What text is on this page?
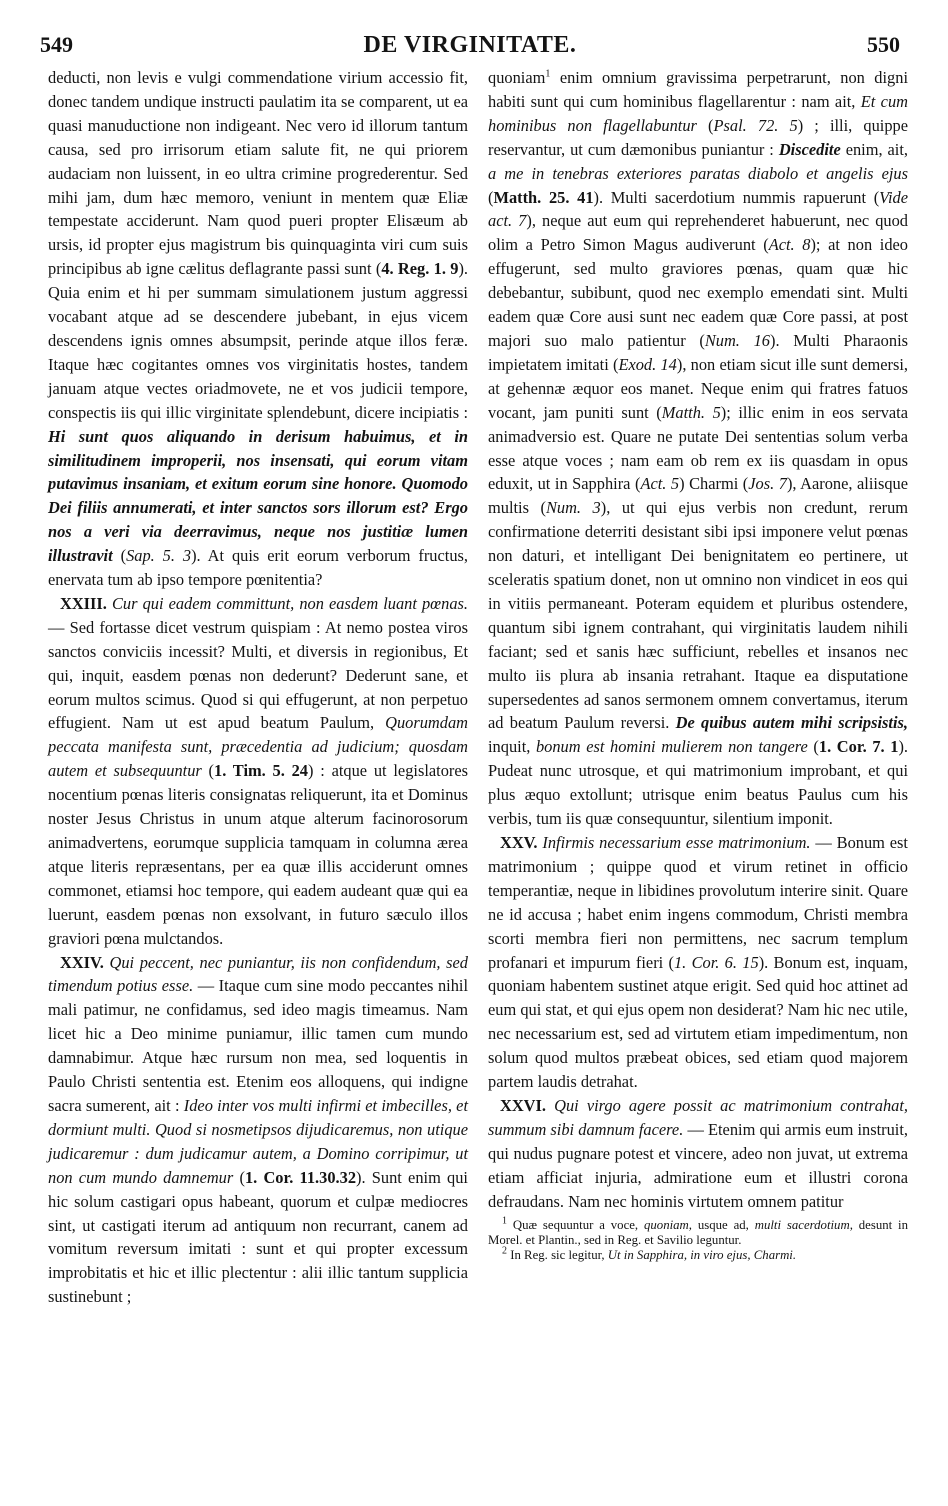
549	DE VIRGINITATE.	550

deducti, non levis e vulgi commendatione virium accessio fit, donec tandem undique instructi paulatim ita se comparent, ut ea quasi manuductione non indigeant. Nec vero id illorum tantum causa, sed pro irrisorum etiam salute fit, ne qui priorem audaciam non luissent, in eo ultra crimine progrederentur. Sed mihi jam, dum hæc memoro, veniunt in mentem quæ Eliæ tempestate acciderunt. Nam quod pueri propter Elisæum ab ursis, id propter ejus magistrum bis quinquaginta viri cum suis principibus ab igne cælitus deflagrante passi sunt (4. Reg. 1. 9). Quia enim et hi per summam simulationem justum aggressi vocabant atque ad se descendere jubebant, in ejus vicem descendens ignis omnes absumpsit, perinde atque illos feræ. Itaque hæc cogitantes omnes vos virginitatis hostes, tandem januam atque vectes oriadmovete, ne et vos judicii tempore, conspectis iis qui illic virginitate splendebunt, dicere incipiatis : Hi sunt quos aliquando in derisum habuimus, et in similitudinem improperii, nos insensati, qui eorum vitam putavimus insaniam, et exitum eorum sine honore. Quomodo Dei filiis annumerati, et inter sanctos sors illorum est? Ergo nos a veri via deerravimus, neque nos justitiæ lumen illustravit (Sap. 5. 3). At quis erit eorum verborum fructus, enervata tum ab ipso tempore pœnitentia?

XXIII. Cur qui eadem committunt, non easdem luant pœnas. — Sed fortasse dicet vestrum quispiam : At nemo postea viros sanctos conviciis incessit? Multi, et diversis in regionibus, Et qui, inquit, easdem pœnas non dederunt? Dederunt sane, et eorum multos scimus. Quod si qui effugerunt, at non perpetuo effugient. Nam ut est apud beatum Paulum, Quorumdam peccata manifesta sunt, præcedentia ad judicium; quosdam autem et subsequuntur (1. Tim. 5. 24) : atque ut legislatores nocentium pœnas literis consignatas reliquerunt, ita et Dominus noster Jesus Christus in unum atque alterum facinorosorum animadvertens, eorumque supplicia tamquam in columna ærea atque literis repræsentans, per ea quæ illis acciderunt omnes commonet, etiamsi hoc tempore, qui eadem audeant quæ qui ea luerunt, easdem pœnas non exsolvant, in futuro sæculo illos graviori pœna mulctandos.

XXIV. Qui peccent, nec puniantur, iis non confidendum, sed timendum potius esse. — Itaque cum sine modo peccantes nihil mali patimur, ne confidamus, sed ideo magis timeamus. Nam licet hic a Deo minime puniamur, illic tamen cum mundo damnabimur. Atque hæc rursum non mea, sed loquentis in Paulo Christi sententia est. Etenim eos alloquens, qui indigne sacra sumerent, ait : Ideo inter vos multi infirmi et imbecilles, et dormiunt multi. Quod si nosmetipsos dijudicaremus, non utique judicaremur : dum judicamur autem, a Domino corripimur, ut non cum mundo damnemur (1. Cor. 11.30.32). Sunt enim qui hic solum castigari opus habeant, quorum et culpæ mediocres sint, ut castigati iterum ad antiquum non recurrant, canem ad vomitum reversum imitati : sunt et qui propter excessum improbitatis et hic et illic plectentur : alii illic tantum supplicia sustinebunt ;

quoniam$^1$ enim omnium gravissima perpetrarunt, non digni habiti sunt qui cum hominibus flagellarentur : nam ait, Et cum hominibus non flagellabuntur (Psal. 72. 5) ; illi, quippe reservantur, ut cum dæmonibus puniantur : Discedite enim, ait, a me in tenebras exteriores paratas diabolo et angelis ejus (Matth. 25. 41). Multi sacerdotium nummis rapuerunt (Vide act. 7), neque aut eum qui reprehenderet habuerunt, nec quod olim a Petro Simon Magus audiverunt (Act. 8); at non ideo effugerunt, sed multo graviores pœnas, quam quæ hic debebantur, subibunt, quod nec exemplo emendati sint. Multi eadem quæ Core ausi sunt nec eadem quæ Core passi, at post majori suo malo patientur (Num. 16). Multi Pharaonis impietatem imitati (Exod. 14), non etiam sicut ille sunt demersi, at gehennæ æquor eos manet. Neque enim qui fratres fatuos vocant, jam puniti sunt (Matth. 5); illic enim in eos servata animadversio est. Quare ne putate Dei sententias solum verba esse atque voces ; nam eam ob rem ex iis quasdam in opus eduxit, ut in Sapphira (Act. 5) Charmi (Jos. 7), Aarone, aliisque multis (Num. 3), ut qui ejus verbis non credunt, rerum confirmatione deterriti desistant sibi ipsi imponere velut pœnas non daturi, et intelligant Dei benignitatem eo pertinere, ut sceleratis spatium donet, non ut omnino non vindicet in eos qui in vitiis permaneant. Poteram equidem et pluribus ostendere, quantum sibi ignem contrahant, qui virginitatis laudem nihili faciant; sed et sanis hæc sufficiunt, rebelles et insanos nec multo iis plura ab insania retrahant. Itaque ea disputatione supersedentes ad sanos sermonem omnem convertamus, iterum ad beatum Paulum reversi. De quibus autem mihi scripsistis, inquit, bonum est homini mulierem non tangere (1. Cor. 7. 1). Pudeat nunc utrosque, et qui matrimonium improbant, et qui plus æquo extollunt; utrisque enim beatus Paulus cum his verbis, tum iis quæ consequuntur, silentium imponit.

XXV. Infirmis necessarium esse matrimonium. — Bonum est matrimonium ; quippe quod et virum retinet in officio temperantiæ, neque in libidines provolutum interire sinit. Quare ne id accusa ; habet enim ingens commodum, Christi membra scorti membra fieri non permittens, nec sacrum templum profanari et impurum fieri (1. Cor. 6. 15). Bonum est, inquam, quoniam habentem sustinet atque erigit. Sed quid hoc attinet ad eum qui stat, et qui ejus opem non desiderat? Nam hic nec utile, nec necessarium est, sed ad virtutem etiam impedimentum, non solum quod multos præbeat obices, sed etiam quod majorem partem laudis detrahat.

XXVI. Qui virgo agere possit ac matrimonium contrahat, summum sibi damnum facere. — Etenim qui armis eum instruit, qui nudus pugnare potest et vincere, adeo non juvat, ut extrema etiam afficiat injuria, admiratione eum et illustri corona defraudans. Nam nec hominis virtutem omnem patitur

$^1$ Quæ sequuntur a voce, quoniam, usque ad, multi sacerdotium, desunt in Morel. et Plantin., sed in Reg. et Savilio leguntur.

$^2$ In Reg. sic legitur, Ut in Sapphira, in viro ejus, Charmi.
